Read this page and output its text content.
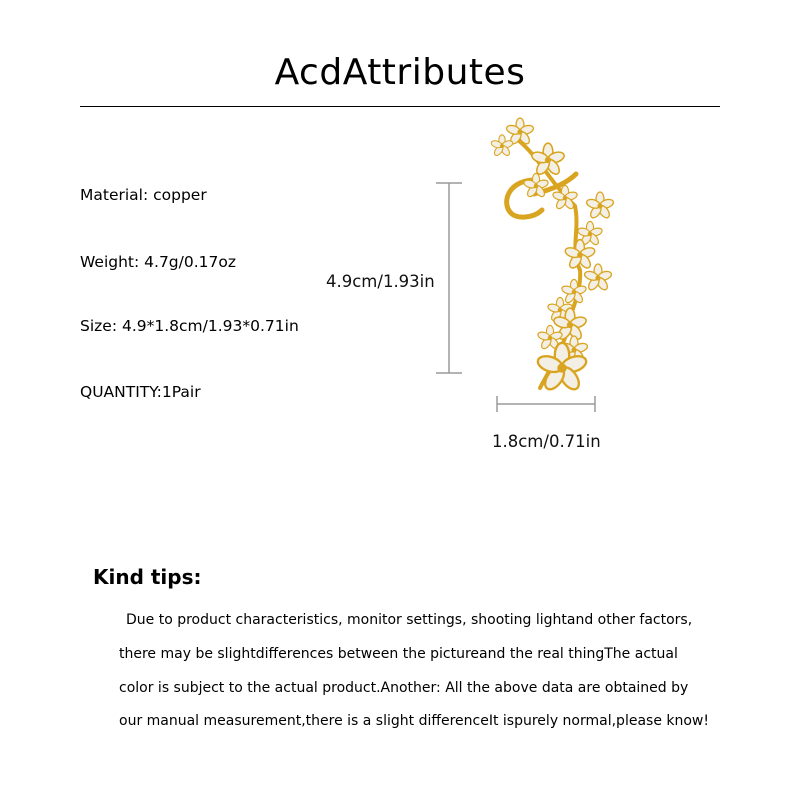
AcdAttributes
Material: copper
Weight: 4.7g/0.17oz
Size: 4.9*1.8cm/1.93*0.71in
QUANTITY:1Pair
4.9cm/1.93in
1.8cm/0.71in
Kind tips:
Due to product characteristics, monitor settings, shooting lightand other factors,
there may be slightdifferences between the pictureand the real thingThe actual
color is subject to the actual product.Another: All the above data are obtained by
our manual measurement,there is a slight differenceIt ispurely normal,please know!
